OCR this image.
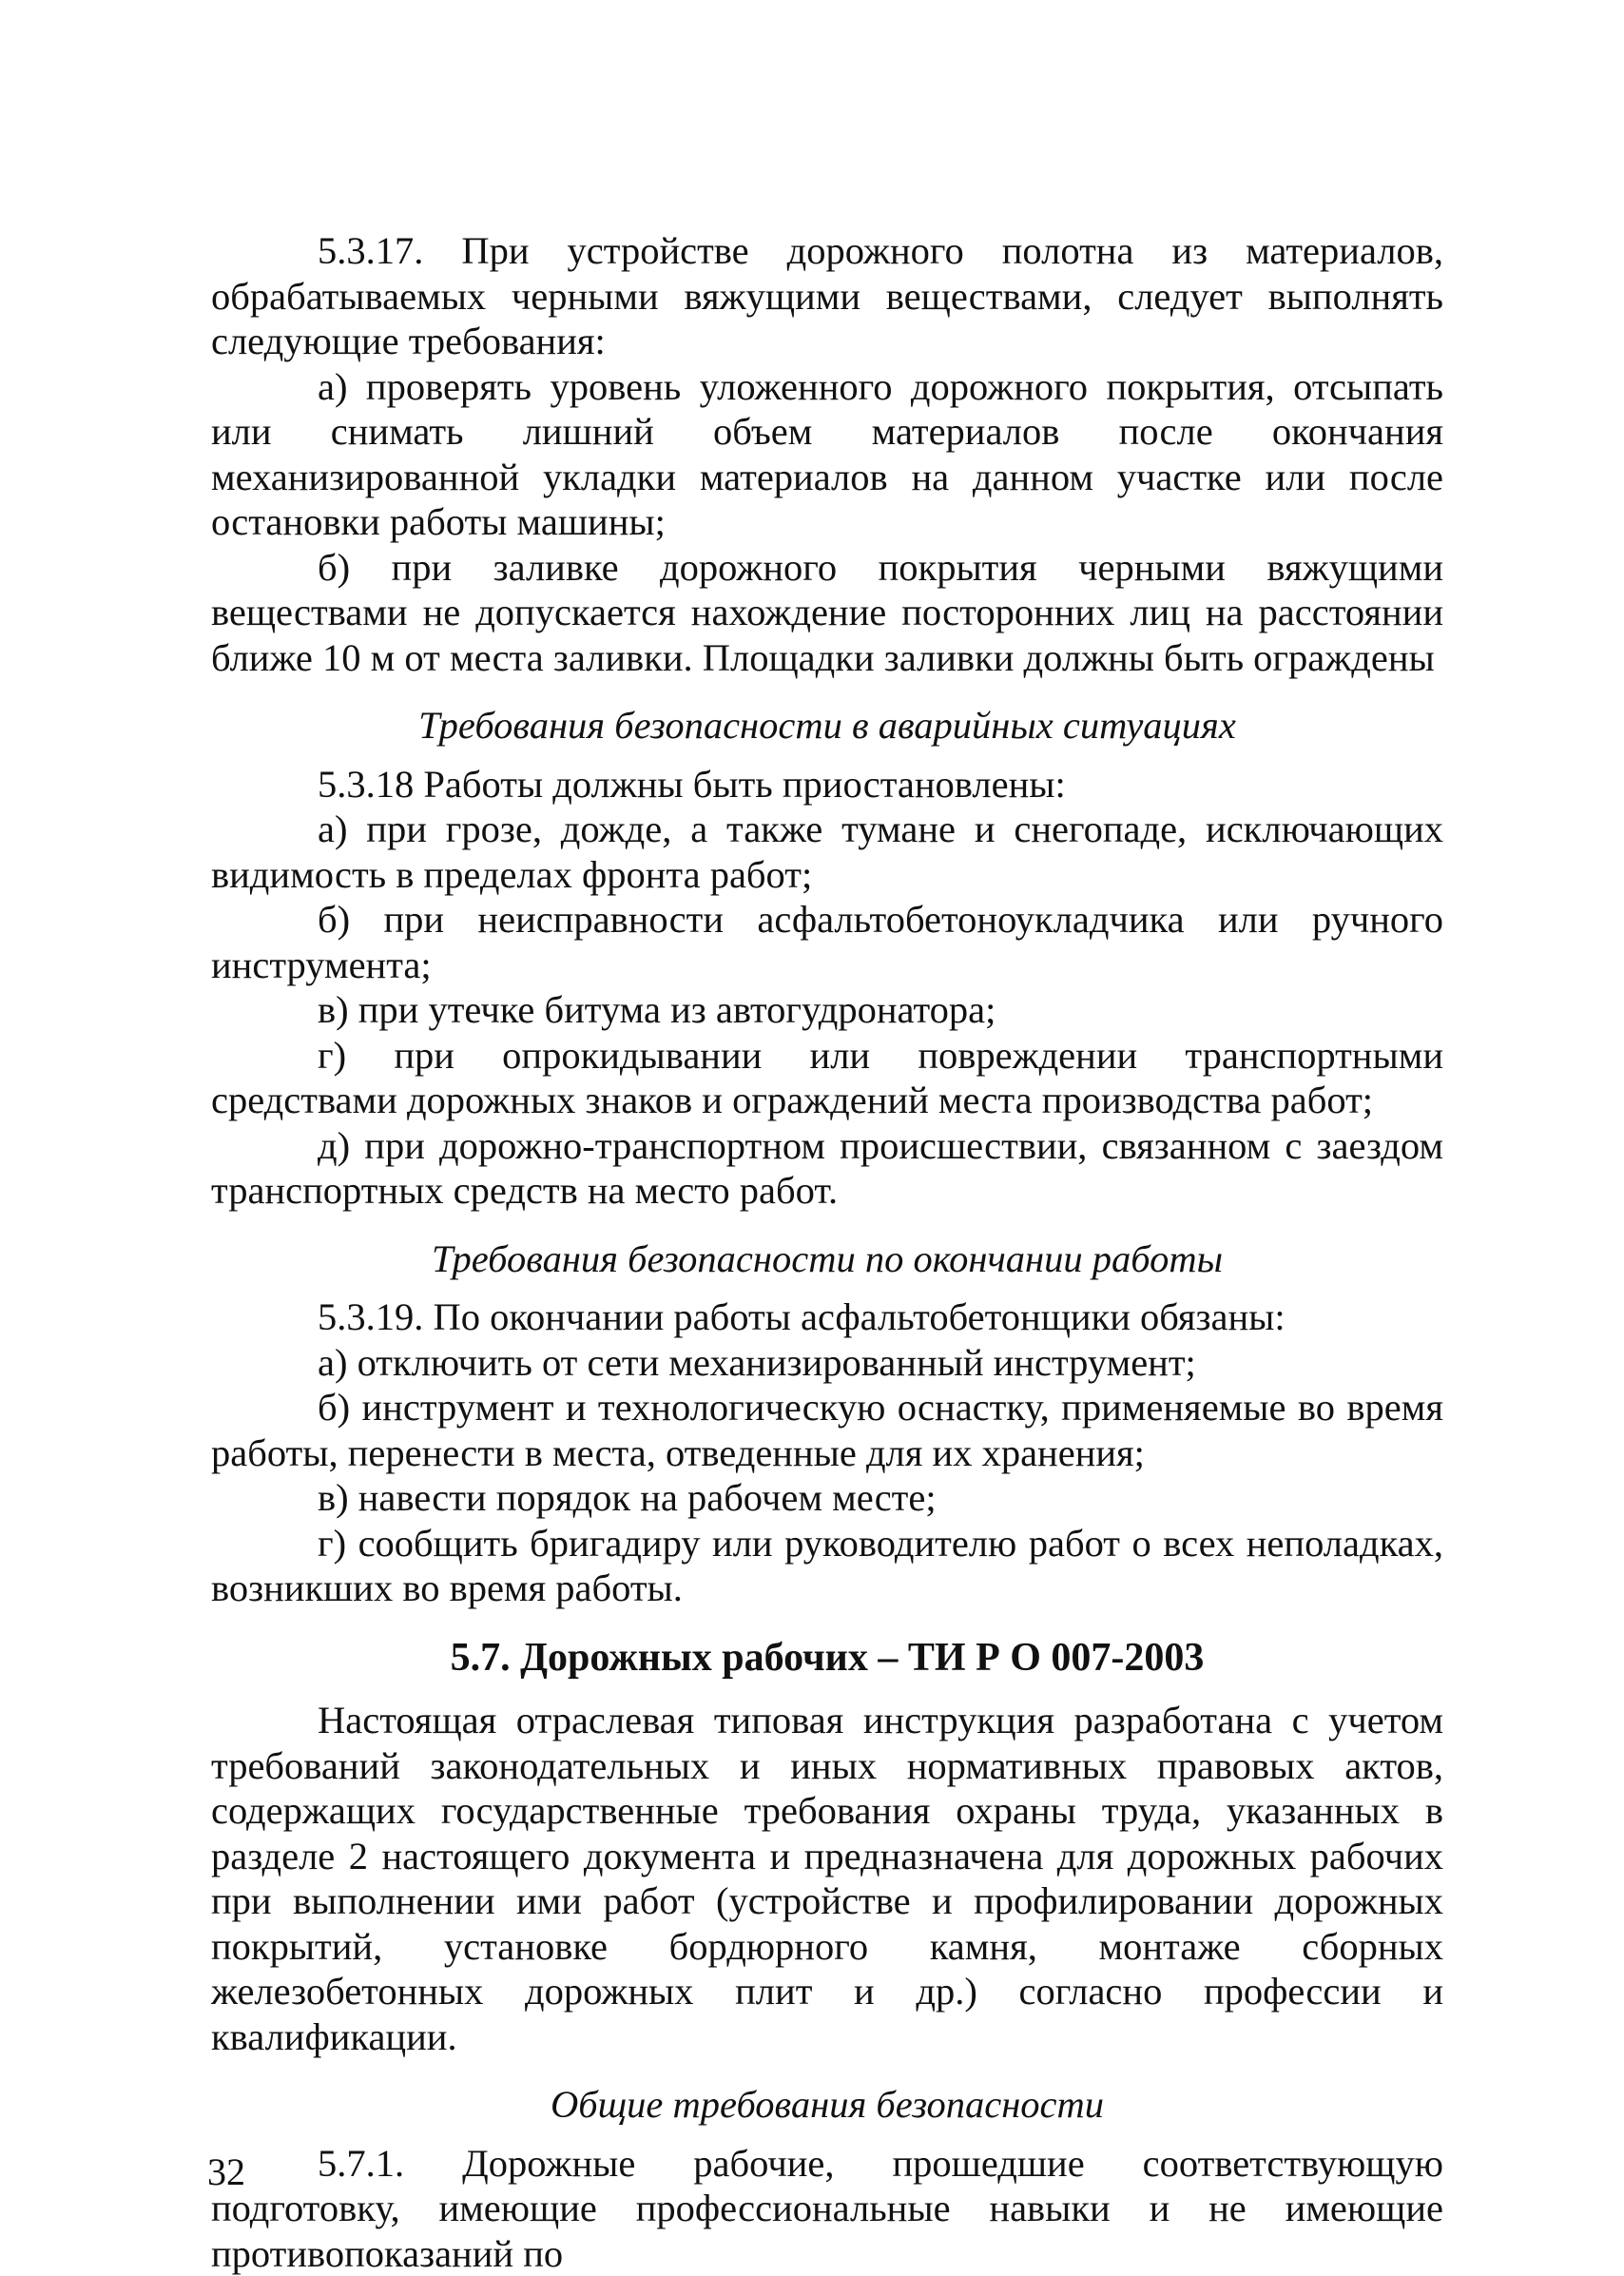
5.3.17. При устройстве дорожного полотна из материалов, обрабатываемых черными вяжущими веществами, следует выполнять следующие требования:

а) проверять уровень уложенного дорожного покрытия, отсыпать или снимать лишний объем материалов после окончания механизированной укладки материалов на данном участке или после остановки работы машины;

б) при заливке дорожного покрытия черными вяжущими веществами не допускается нахождение посторонних лиц на расстоянии ближе 10 м от места заливки. Площадки заливки должны быть ограждены

Требования безопасности в аварийных ситуациях

5.3.18 Работы должны быть приостановлены:

а) при грозе, дожде, а также тумане и снегопаде, исключающих видимость в пределах фронта работ;

б) при неисправности асфальтобетоноукладчика или ручного инструмента;

в) при утечке битума из автогудронатора;

г) при опрокидывании или повреждении транспортными средствами дорожных знаков и ограждений места производства работ;

д) при дорожно-транспортном происшествии, связанном с заездом транспортных средств на место работ.

Требования безопасности по окончании работы

5.3.19. По окончании работы асфальтобетонщики обязаны:

а) отключить от сети механизированный инструмент;

б) инструмент и технологическую оснастку, применяемые во время работы, перенести в места, отведенные для их хранения;

в) навести порядок на рабочем месте;

г) сообщить бригадиру или руководителю работ о всех неполадках, возникших во время работы.

5.7. Дорожных рабочих – ТИ Р О 007-2003

Настоящая отраслевая типовая инструкция разработана с учетом требований законодательных и иных нормативных правовых актов, содержащих государственные требования охраны труда, указанных в разделе 2 настоящего документа и предназначена для дорожных рабочих при выполнении ими работ (устройстве и профилировании дорожных покрытий, установке бордюрного камня, монтаже сборных железобетонных дорожных плит и др.) согласно профессии и квалификации.

Общие требования безопасности

5.7.1. Дорожные рабочие, прошедшие соответствующую подготовку, имеющие профессиональные навыки и не имеющие противопоказаний по

32
